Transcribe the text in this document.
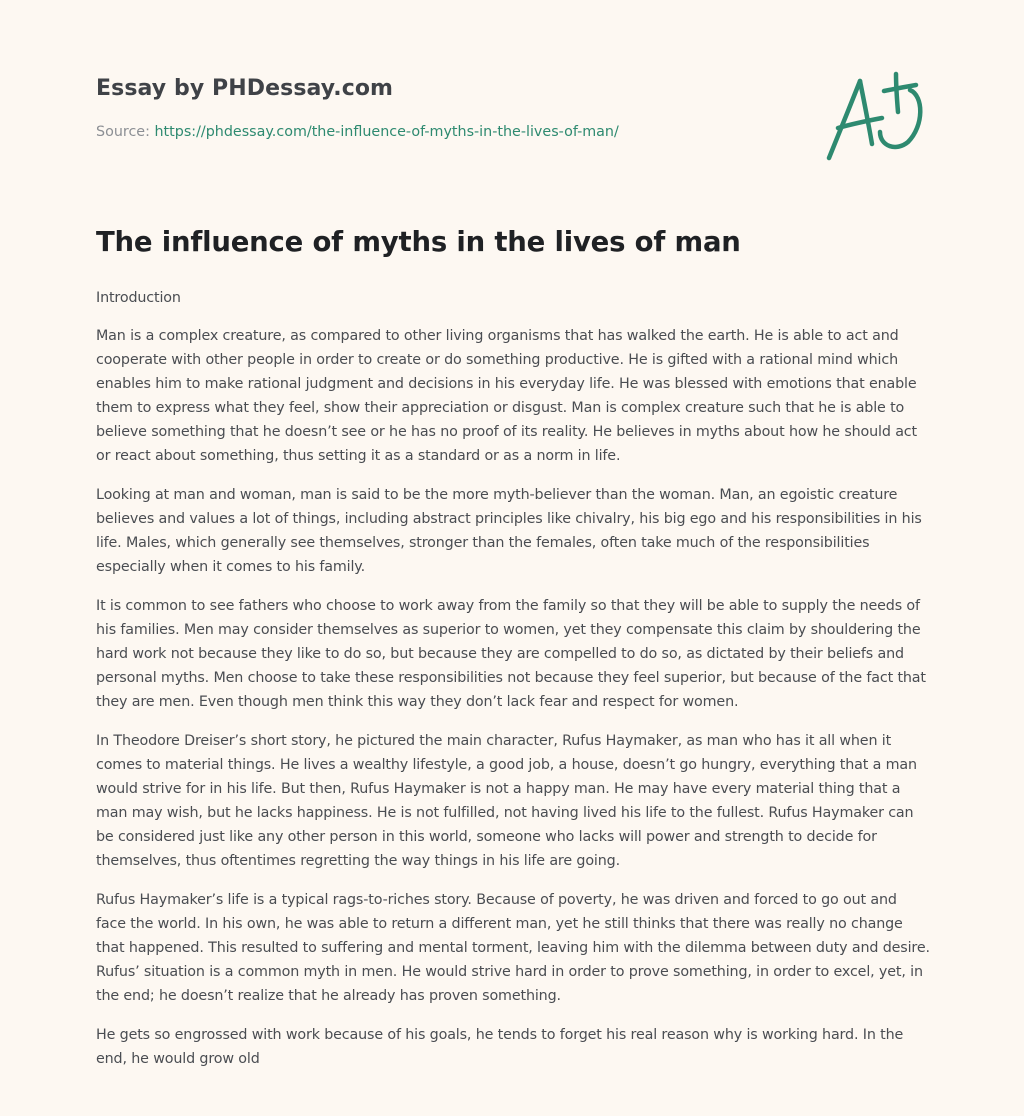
Essay by PHDessay.com

Source: https://phdessay.com/the-influence-of-myths-in-the-lives-of-man/

The influence of myths in the lives of man

Introduction

Man is a complex creature, as compared to other living organisms that has walked the earth. He is able to act and cooperate with other people in order to create or do something productive. He is gifted with a rational mind which enables him to make rational judgment and decisions in his everyday life. He was blessed with emotions that enable them to express what they feel, show their appreciation or disgust. Man is complex creature such that he is able to believe something that he doesn’t see or he has no proof of its reality. He believes in myths about how he should act or react about something, thus setting it as a standard or as a norm in life.

Looking at man and woman, man is said to be the more myth-believer than the woman. Man, an egoistic creature believes and values a lot of things, including abstract principles like chivalry, his big ego and his responsibilities in his life. Males, which generally see themselves, stronger than the females, often take much of the responsibilities especially when it comes to his family.

It is common to see fathers who choose to work away from the family so that they will be able to supply the needs of his families. Men may consider themselves as superior to women, yet they compensate this claim by shouldering the hard work not because they like to do so, but because they are compelled to do so, as dictated by their beliefs and personal myths. Men choose to take these responsibilities not because they feel superior, but because of the fact that they are men. Even though men think this way they don’t lack fear and respect for women.

In Theodore Dreiser’s short story, he pictured the main character, Rufus Haymaker, as man who has it all when it comes to material things. He lives a wealthy lifestyle, a good job, a house, doesn’t go hungry, everything that a man would strive for in his life. But then, Rufus Haymaker is not a happy man. He may have every material thing that a man may wish, but he lacks happiness. He is not fulfilled, not having lived his life to the fullest. Rufus Haymaker can be considered just like any other person in this world, someone who lacks will power and strength to decide for themselves, thus oftentimes regretting the way things in his life are going.

Rufus Haymaker’s life is a typical rags-to-riches story. Because of poverty, he was driven and forced to go out and face the world. In his own, he was able to return a different man, yet he still thinks that there was really no change that happened. This resulted to suffering and mental torment, leaving him with the dilemma between duty and desire. Rufus’ situation is a common myth in men. He would strive hard in order to prove something, in order to excel, yet, in the end; he doesn’t realize that he already has proven something.

He gets so engrossed with work because of his goals, he tends to forget his real reason why is working hard. In the end, he would grow old
